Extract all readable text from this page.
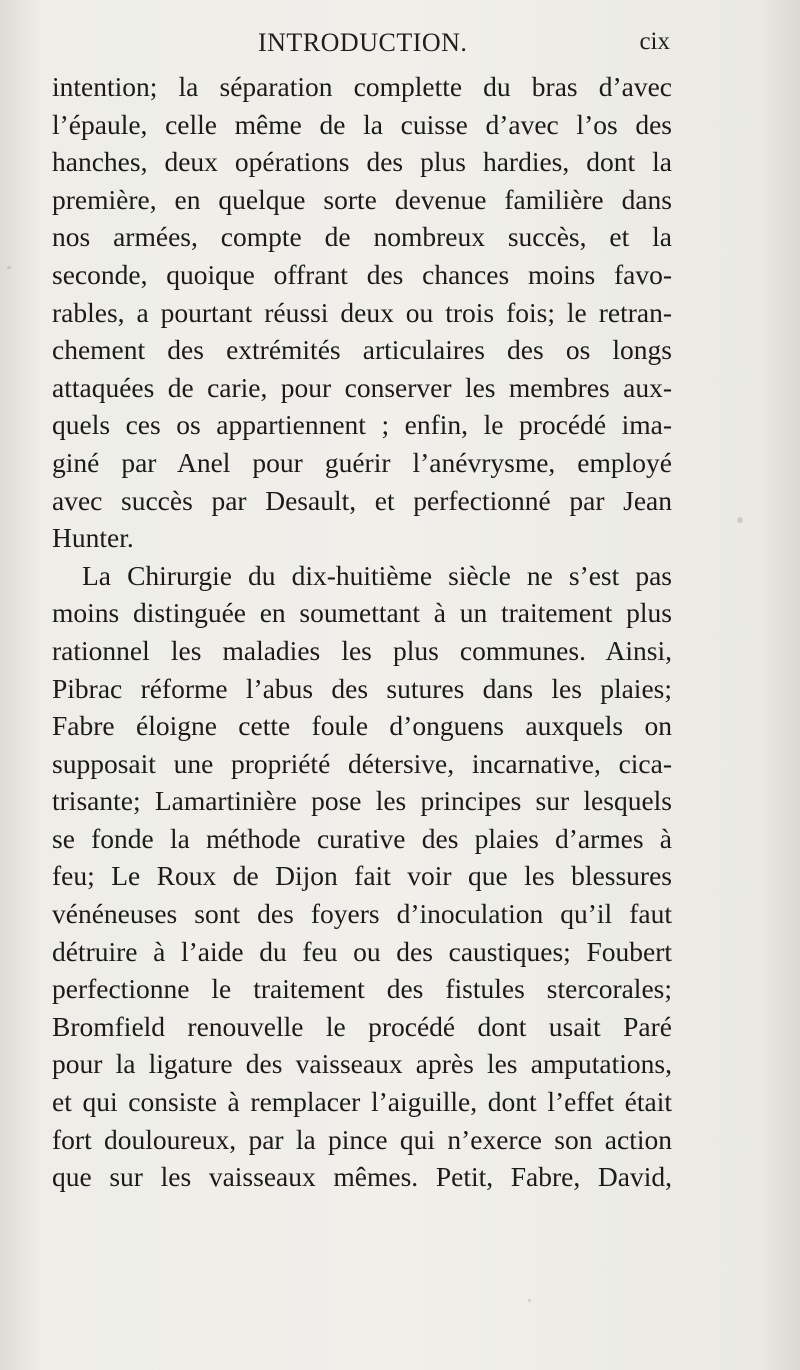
INTRODUCTION.	cix
intention; la séparation complette du bras d’avec
l’épaule, celle même de la cuisse d’avec l’os des
hanches, deux opérations des plus hardies, dont la
première, en quelque sorte devenue familière dans
nos armées, compte de nombreux succès, et la
seconde, quoique offrant des chances moins favo-
rables, a pourtant réussi deux ou trois fois; le retran-
chement des extrémités articulaires des os longs
attaquées de carie, pour conserver les membres aux-
quels ces os appartiennent ; enfin, le procédé ima-
giné par Anel pour guérir l’anévrysme, employé
avec succès par Desault, et perfectionné par Jean
Hunter.
La Chirurgie du dix-huitième siècle ne s’est pas
moins distinguée en soumettant à un traitement plus
rationnel les maladies les plus communes. Ainsi,
Pibrac réforme l’abus des sutures dans les plaies;
Fabre éloigne cette foule d’onguens auxquels on
supposait une propriété détersive, incarnative, cica-
trisante; Lamartinière pose les principes sur lesquels
se fonde la méthode curative des plaies d’armes à
feu; Le Roux de Dijon fait voir que les blessures
vénéneuses sont des foyers d’inoculation qu’il faut
détruire à l’aide du feu ou des caustiques; Foubert
perfectionne le traitement des fistules stercorales;
Bromfield renouvelle le procédé dont usait Paré
pour la ligature des vaisseaux après les amputations,
et qui consiste à remplacer l’aiguille, dont l’effet était
fort douloureux, par la pince qui n’exerce son action
que sur les vaisseaux mêmes. Petit, Fabre, David,
